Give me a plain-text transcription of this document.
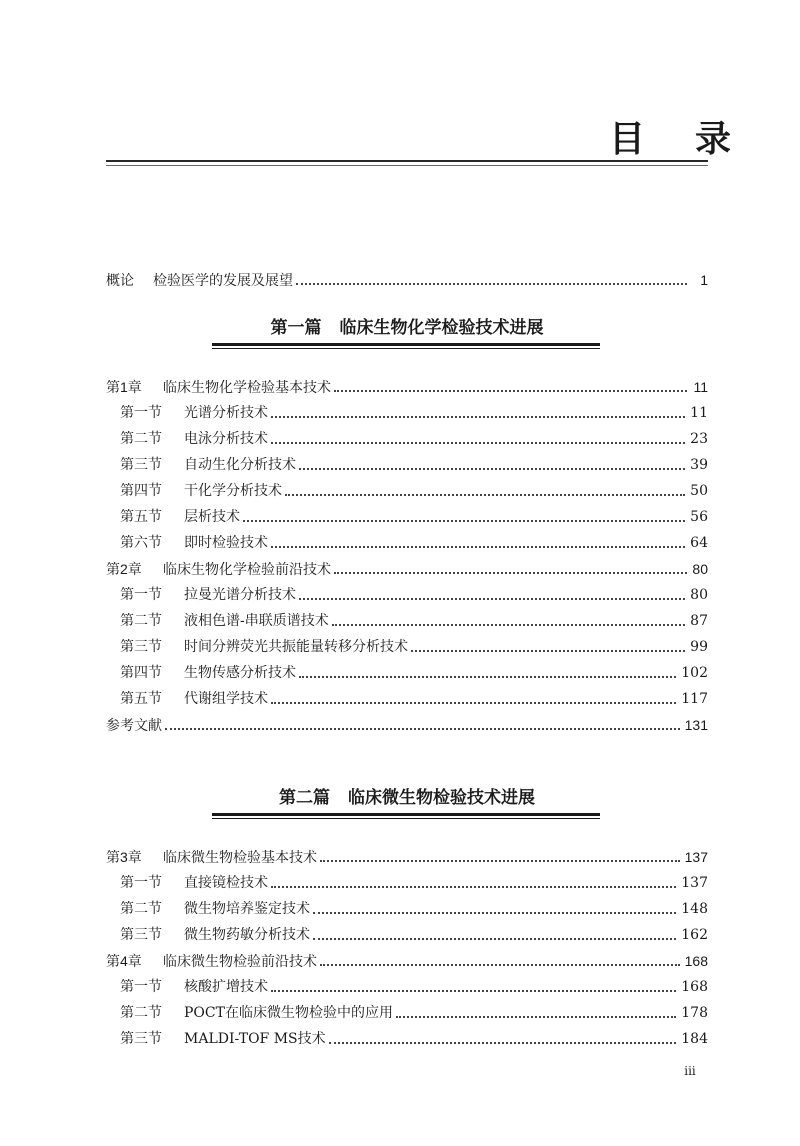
目 录
概论 检验医学的发展及展望	1
第一篇 临床生物化学检验技术进展
第1章 临床生物化学检验基本技术	11
第一节 光谱分析技术	11
第二节 电泳分析技术	23
第三节 自动生化分析技术	39
第四节 干化学分析技术	50
第五节 层析技术	56
第六节 即时检验技术	64
第2章 临床生物化学检验前沿技术	80
第一节 拉曼光谱分析技术	80
第二节 液相色谱-串联质谱技术	87
第三节 时间分辨荧光共振能量转移分析技术	99
第四节 生物传感分析技术	102
第五节 代谢组学技术	117
参考文献	131
第二篇 临床微生物检验技术进展
第3章 临床微生物检验基本技术	137
第一节 直接镜检技术	137
第二节 微生物培养鉴定技术	148
第三节 微生物药敏分析技术	162
第4章 临床微生物检验前沿技术	168
第一节 核酸扩增技术	168
第二节 POCT在临床微生物检验中的应用	178
第三节 MALDI-TOF MS技术	184
iii
